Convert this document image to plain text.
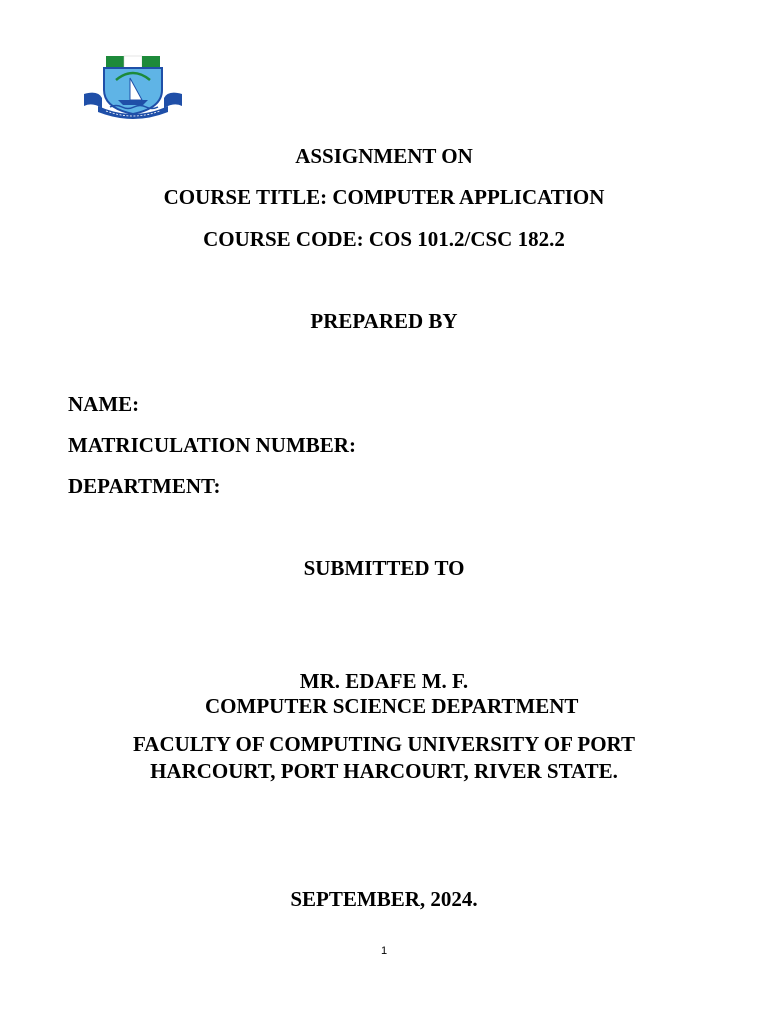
ASSIGNMENT ON
COURSE TITLE: COMPUTER APPLICATION
COURSE CODE: COS 101.2/CSC 182.2
PREPARED BY
NAME:
MATRICULATION NUMBER:
DEPARTMENT:
SUBMITTED TO
MR. EDAFE M. F.
COMPUTER SCIENCE DEPARTMENT
FACULTY OF COMPUTING UNIVERSITY OF PORT
HARCOURT, PORT HARCOURT, RIVER STATE.
SEPTEMBER, 2024.
1
